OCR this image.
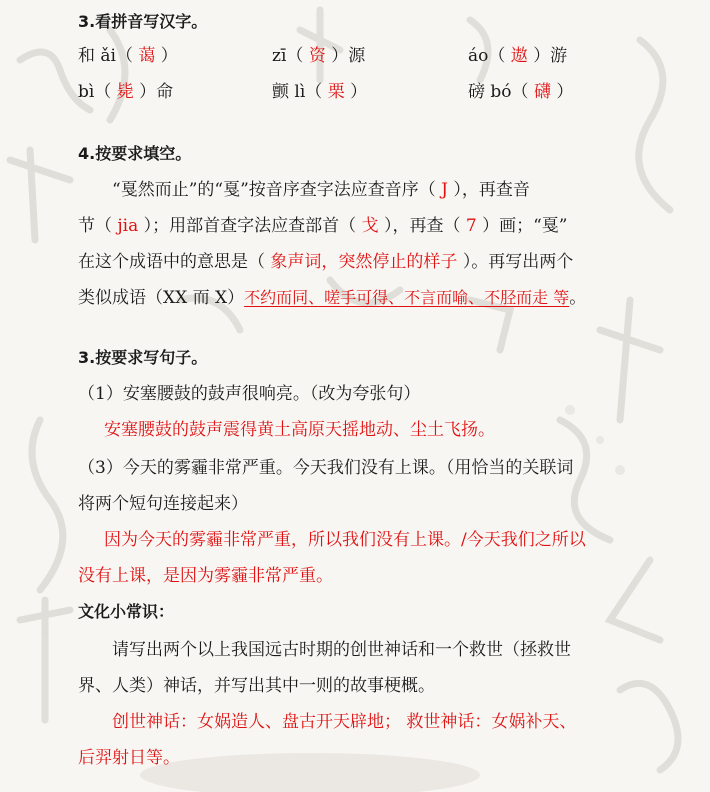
3.看拼音写汉字。
和 ǎi（ 蔼 ）	zī（ 资 ）源	áo（ 遨 ）游
bì（ 毙 ）命	颤 lì（ 栗 ）	磅 bó（ 礴 ）
4.按要求填空。
“戛然而止”的“戛”按音序查字法应查音序（ J ），再查音
节（ jia ）；用部首查字法应查部首（ 戈 ），再查（ 7 ）画；“戛”
在这个成语中的意思是（ 象声词，突然停止的样子 ）。再写出两个
类似成语（XX 而 X）不约而同、嗟手可得、不言而喻、不胫而走 等。
3.按要求写句子。
（1）安塞腰鼓的鼓声很响亮。（改为夸张句）
安塞腰鼓的鼓声震得黄土高原天摇地动、尘土飞扬。
（3）今天的雾霾非常严重。今天我们没有上课。（用恰当的关联词
将两个短句连接起来）
因为今天的雾霾非常严重，所以我们没有上课。/今天我们之所以
没有上课，是因为雾霾非常严重。
文化小常识：
请写出两个以上我国远古时期的创世神话和一个救世（拯救世
界、人类）神话，并写出其中一则的故事梗概。
创世神话：女娲造人、盘古开天辟地； 救世神话：女娲补天、
后羿射日等。
